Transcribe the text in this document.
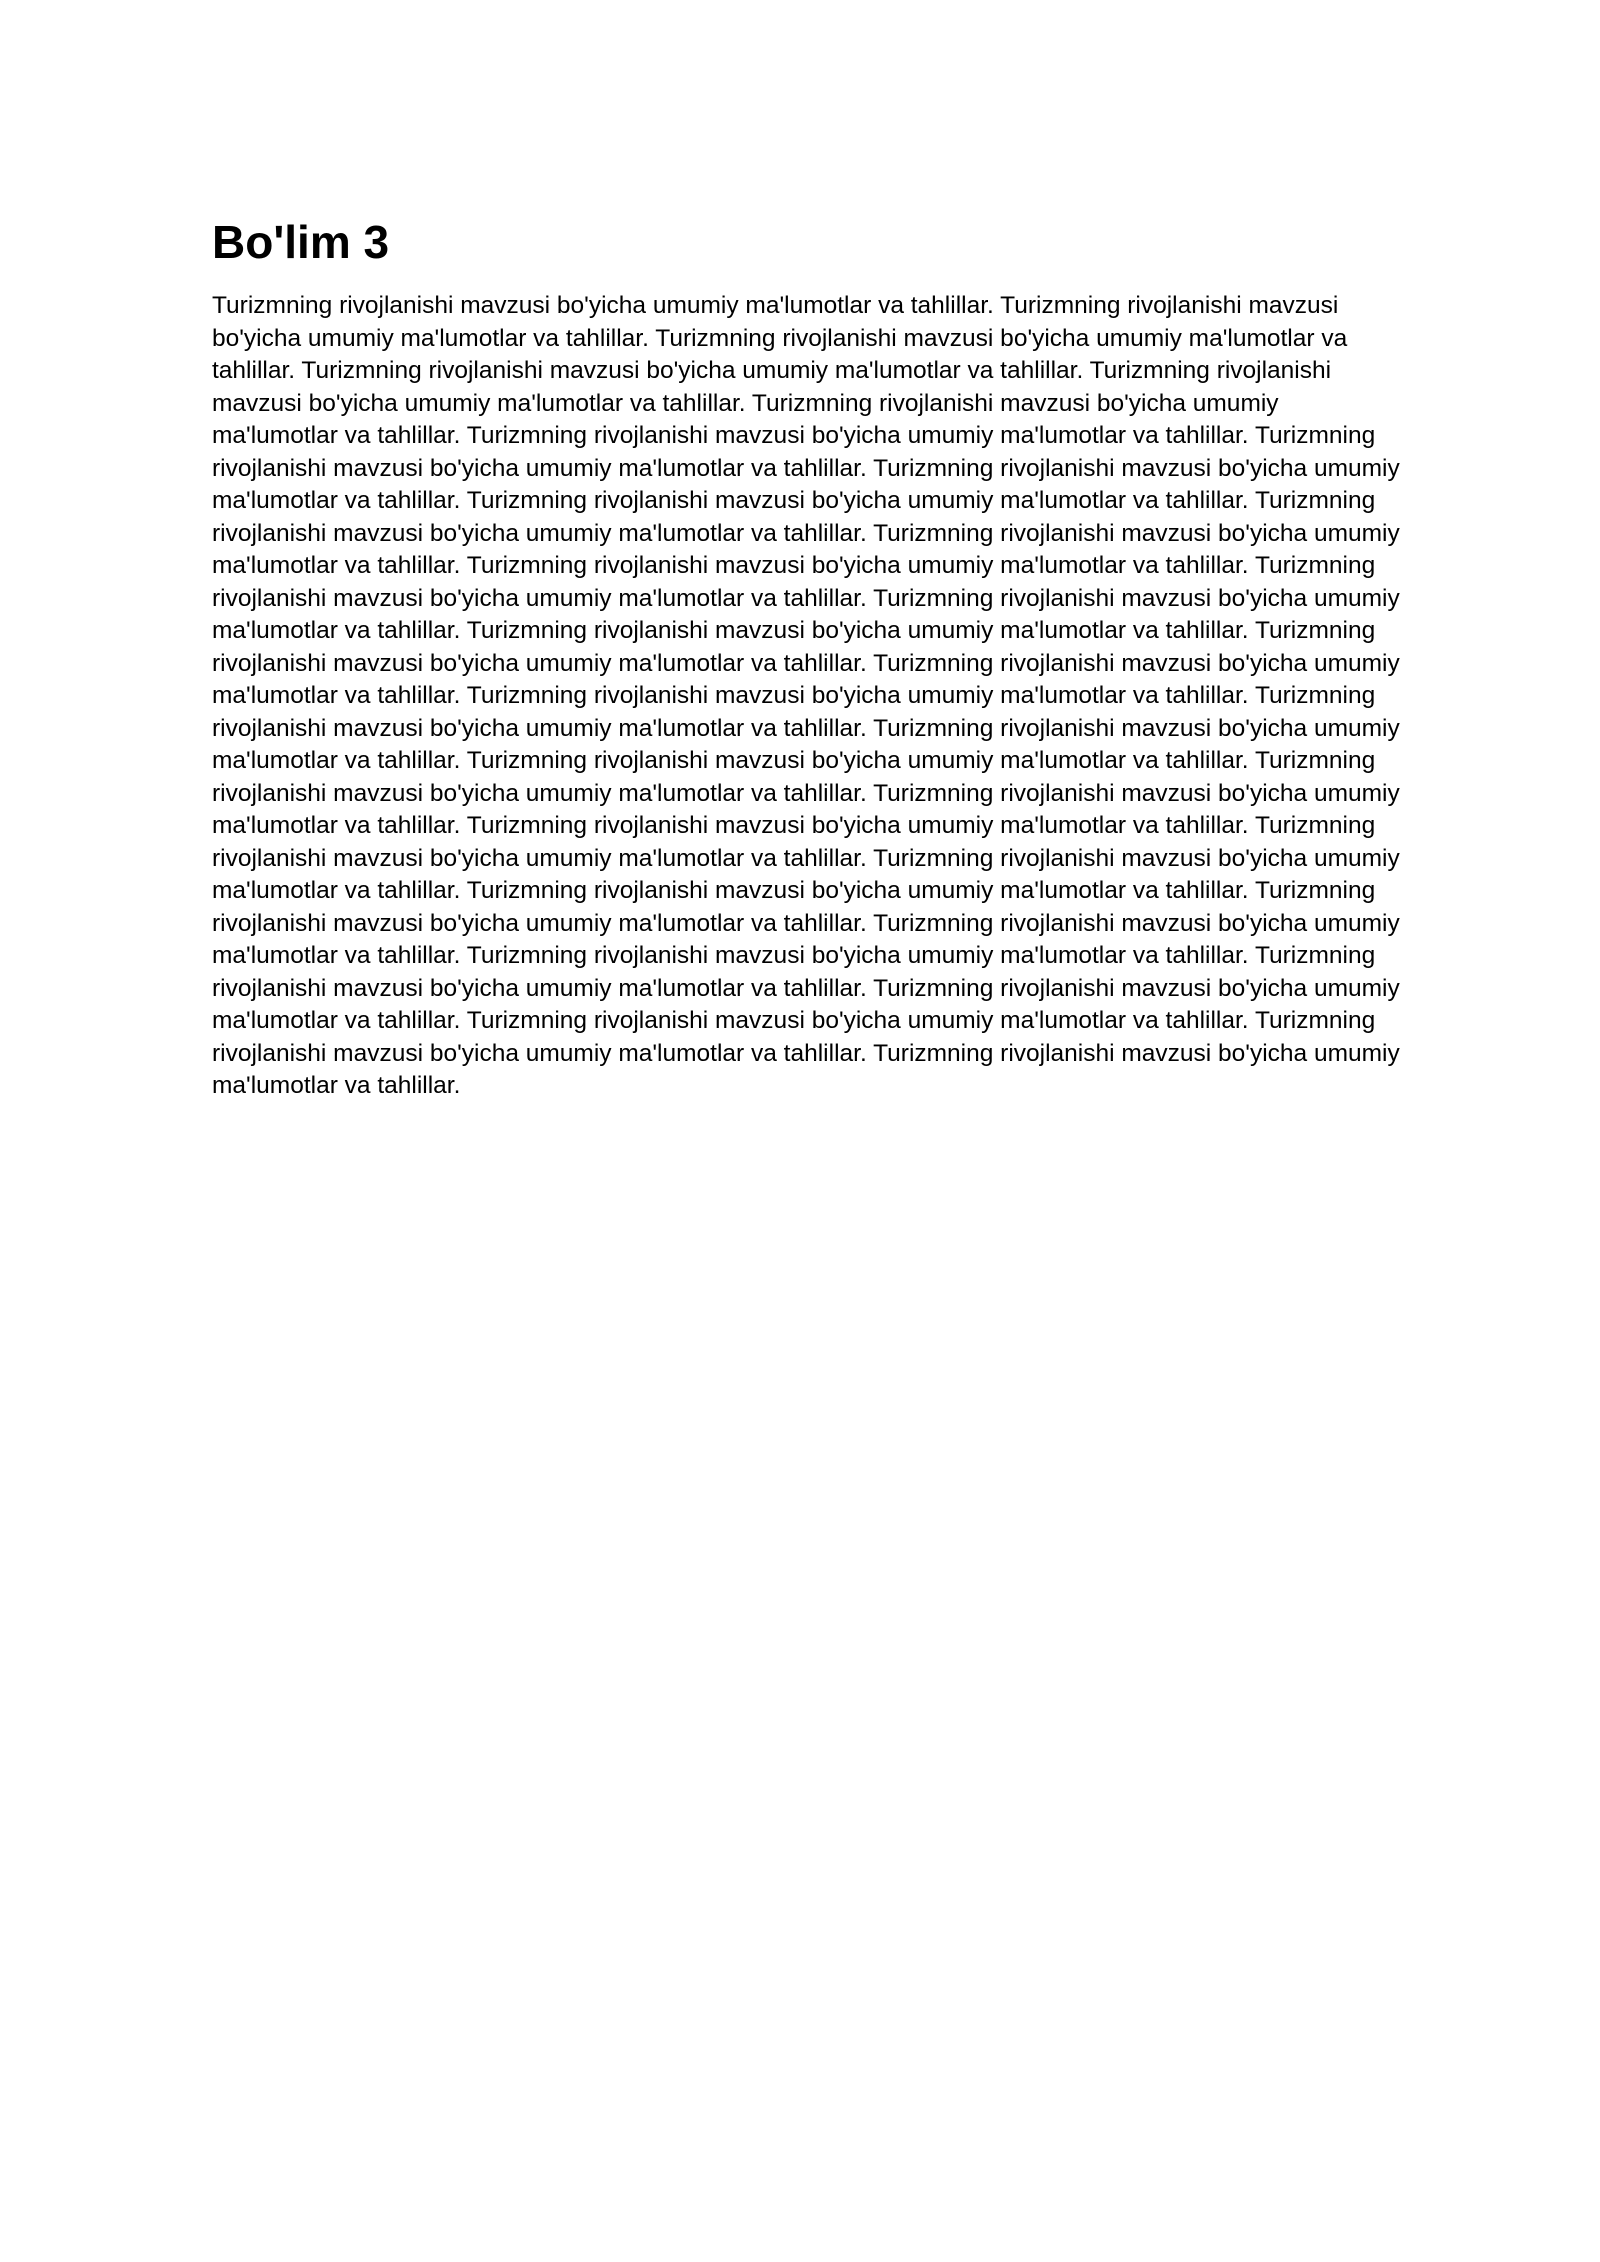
Bo'lim 3

Turizmning rivojlanishi mavzusi bo'yicha umumiy ma'lumotlar va tahlillar. Turizmning rivojlanishi mavzusi bo'yicha umumiy ma'lumotlar va tahlillar. Turizmning rivojlanishi mavzusi bo'yicha umumiy ma'lumotlar va tahlillar. Turizmning rivojlanishi mavzusi bo'yicha umumiy ma'lumotlar va tahlillar. Turizmning rivojlanishi mavzusi bo'yicha umumiy ma'lumotlar va tahlillar. Turizmning rivojlanishi mavzusi bo'yicha umumiy ma'lumotlar va tahlillar. Turizmning rivojlanishi mavzusi bo'yicha umumiy ma'lumotlar va tahlillar. Turizmning rivojlanishi mavzusi bo'yicha umumiy ma'lumotlar va tahlillar. Turizmning rivojlanishi mavzusi bo'yicha umumiy ma'lumotlar va tahlillar. Turizmning rivojlanishi mavzusi bo'yicha umumiy ma'lumotlar va tahlillar. Turizmning rivojlanishi mavzusi bo'yicha umumiy ma'lumotlar va tahlillar. Turizmning rivojlanishi mavzusi bo'yicha umumiy ma'lumotlar va tahlillar. Turizmning rivojlanishi mavzusi bo'yicha umumiy ma'lumotlar va tahlillar. Turizmning rivojlanishi mavzusi bo'yicha umumiy ma'lumotlar va tahlillar. Turizmning rivojlanishi mavzusi bo'yicha umumiy ma'lumotlar va tahlillar. Turizmning rivojlanishi mavzusi bo'yicha umumiy ma'lumotlar va tahlillar. Turizmning rivojlanishi mavzusi bo'yicha umumiy ma'lumotlar va tahlillar. Turizmning rivojlanishi mavzusi bo'yicha umumiy ma'lumotlar va tahlillar. Turizmning rivojlanishi mavzusi bo'yicha umumiy ma'lumotlar va tahlillar. Turizmning rivojlanishi mavzusi bo'yicha umumiy ma'lumotlar va tahlillar. Turizmning rivojlanishi mavzusi bo'yicha umumiy ma'lumotlar va tahlillar. Turizmning rivojlanishi mavzusi bo'yicha umumiy ma'lumotlar va tahlillar. Turizmning rivojlanishi mavzusi bo'yicha umumiy ma'lumotlar va tahlillar. Turizmning rivojlanishi mavzusi bo'yicha umumiy ma'lumotlar va tahlillar. Turizmning rivojlanishi mavzusi bo'yicha umumiy ma'lumotlar va tahlillar. Turizmning rivojlanishi mavzusi bo'yicha umumiy ma'lumotlar va tahlillar. Turizmning rivojlanishi mavzusi bo'yicha umumiy ma'lumotlar va tahlillar. Turizmning rivojlanishi mavzusi bo'yicha umumiy ma'lumotlar va tahlillar. Turizmning rivojlanishi mavzusi bo'yicha umumiy ma'lumotlar va tahlillar. Turizmning rivojlanishi mavzusi bo'yicha umumiy ma'lumotlar va tahlillar. Turizmning rivojlanishi mavzusi bo'yicha umumiy ma'lumotlar va tahlillar. Turizmning rivojlanishi mavzusi bo'yicha umumiy ma'lumotlar va tahlillar. Turizmning rivojlanishi mavzusi bo'yicha umumiy ma'lumotlar va tahlillar. Turizmning rivojlanishi mavzusi bo'yicha umumiy ma'lumotlar va tahlillar. Turizmning rivojlanishi mavzusi bo'yicha umumiy ma'lumotlar va tahlillar. Turizmning rivojlanishi mavzusi bo'yicha umumiy ma'lumotlar va tahlillar.
